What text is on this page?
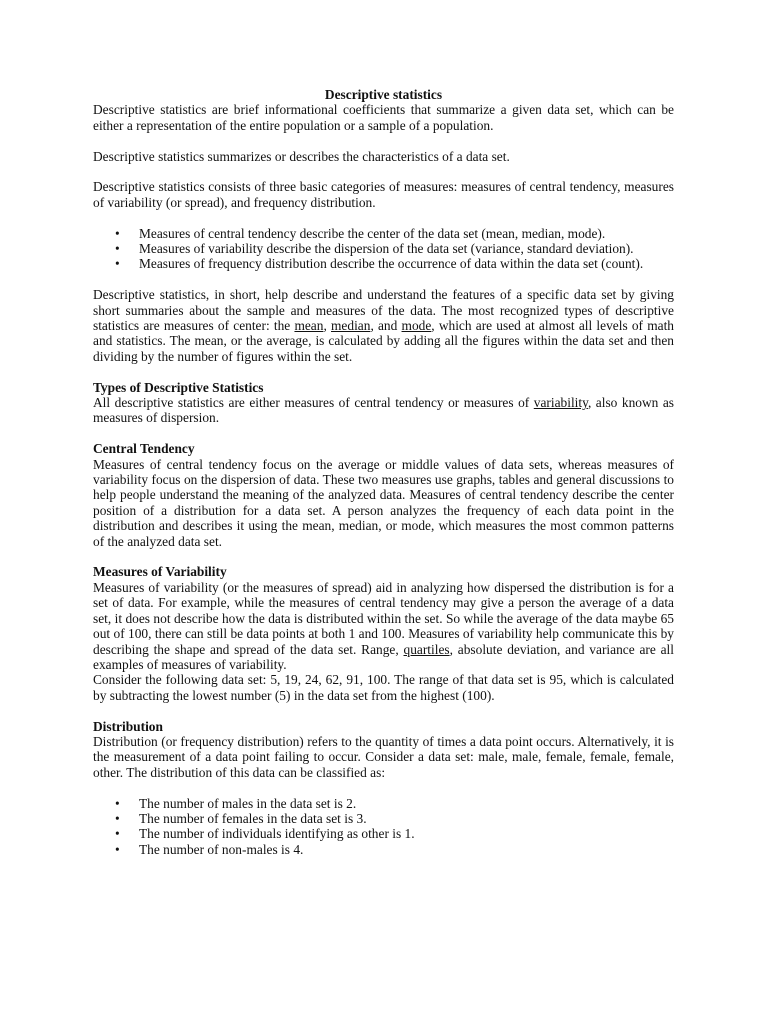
Descriptive statistics

Descriptive statistics are brief informational coefficients that summarize a given data set, which can be either a representation of the entire population or a sample of a population.

Descriptive statistics summarizes or describes the characteristics of a data set.

Descriptive statistics consists of three basic categories of measures: measures of central tendency, measures of variability (or spread), and frequency distribution.

• Measures of central tendency describe the center of the data set (mean, median, mode).
• Measures of variability describe the dispersion of the data set (variance, standard deviation).
• Measures of frequency distribution describe the occurrence of data within the data set (count).

Descriptive statistics, in short, help describe and understand the features of a specific data set by giving short summaries about the sample and measures of the data. The most recognized types of descriptive statistics are measures of center: the mean, median, and mode, which are used at almost all levels of math and statistics. The mean, or the average, is calculated by adding all the figures within the data set and then dividing by the number of figures within the set.

Types of Descriptive Statistics

All descriptive statistics are either measures of central tendency or measures of variability, also known as measures of dispersion.

Central Tendency

Measures of central tendency focus on the average or middle values of data sets, whereas measures of variability focus on the dispersion of data. These two measures use graphs, tables and general discussions to help people understand the meaning of the analyzed data. Measures of central tendency describe the center position of a distribution for a data set. A person analyzes the frequency of each data point in the distribution and describes it using the mean, median, or mode, which measures the most common patterns of the analyzed data set.

Measures of Variability

Measures of variability (or the measures of spread) aid in analyzing how dispersed the distribution is for a set of data. For example, while the measures of central tendency may give a person the average of a data set, it does not describe how the data is distributed within the set. So while the average of the data maybe 65 out of 100, there can still be data points at both 1 and 100. Measures of variability help communicate this by describing the shape and spread of the data set. Range, quartiles, absolute deviation, and variance are all examples of measures of variability.

Consider the following data set: 5, 19, 24, 62, 91, 100. The range of that data set is 95, which is calculated by subtracting the lowest number (5) in the data set from the highest (100).

Distribution

Distribution (or frequency distribution) refers to the quantity of times a data point occurs. Alternatively, it is the measurement of a data point failing to occur. Consider a data set: male, male, female, female, female, other. The distribution of this data can be classified as:

• The number of males in the data set is 2.
• The number of females in the data set is 3.
• The number of individuals identifying as other is 1.
• The number of non-males is 4.
